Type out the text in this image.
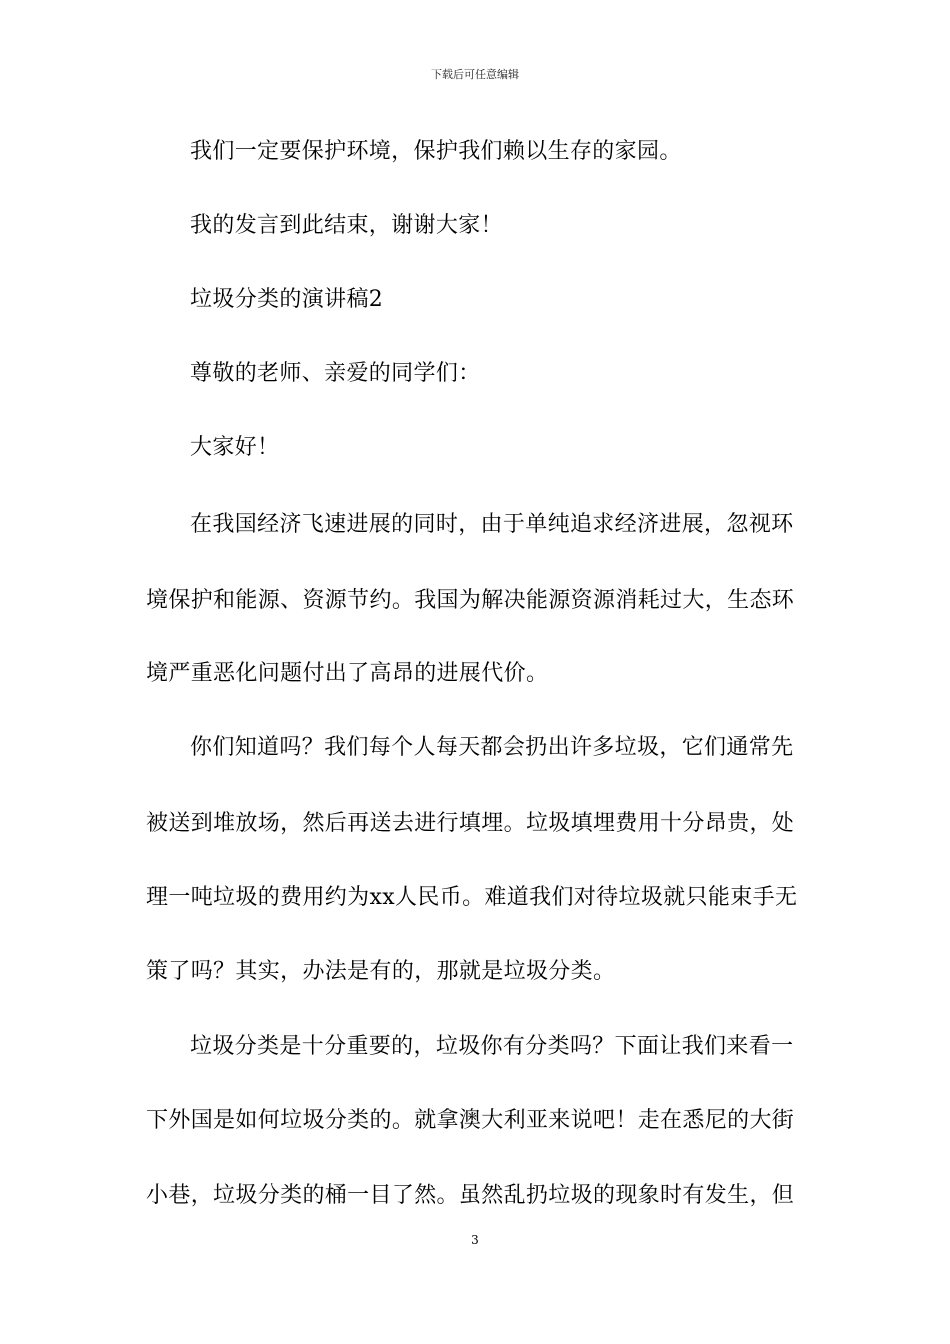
下载后可任意编辑
我们一定要保护环境，保护我们赖以生存的家园。
我的发言到此结束，谢谢大家！
垃圾分类的演讲稿2
尊敬的老师、亲爱的同学们：
大家好！
在我国经济飞速进展的同时，由于单纯追求经济进展，忽视环
境保护和能源、资源节约。我国为解决能源资源消耗过大，生态环
境严重恶化问题付出了高昂的进展代价。
你们知道吗？我们每个人每天都会扔出许多垃圾，它们通常先
被送到堆放场，然后再送去进行填埋。垃圾填埋费用十分昂贵，处
理一吨垃圾的费用约为xx人民币。难道我们对待垃圾就只能束手无
策了吗？其实，办法是有的，那就是垃圾分类。
垃圾分类是十分重要的，垃圾你有分类吗？下面让我们来看一
下外国是如何垃圾分类的。就拿澳大利亚来说吧！走在悉尼的大街
小巷，垃圾分类的桶一目了然。虽然乱扔垃圾的现象时有发生，但
3
